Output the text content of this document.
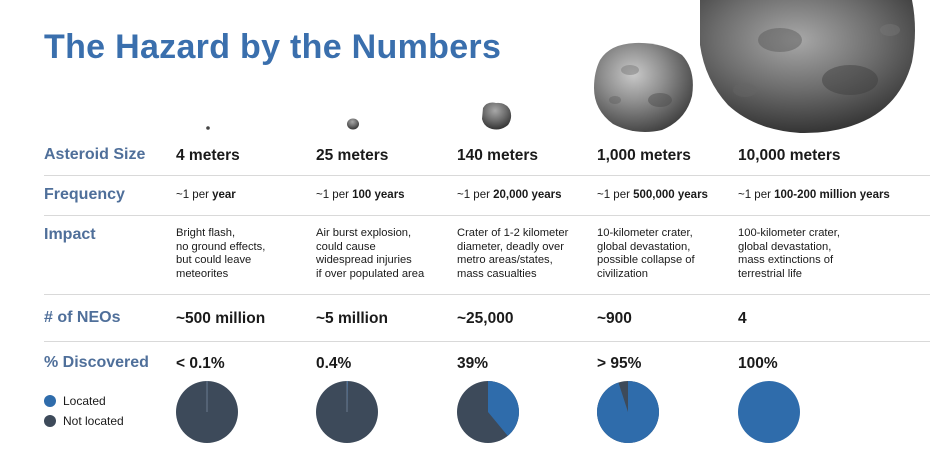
The Hazard by the Numbers
Asteroid Size
Frequency
Impact
# of NEOs
% Discovered
4 meters
~1 per year
Bright flash,
no ground effects,
but could leave
meteorites
~500 million
< 0.1%
25 meters
~1 per 100 years
Air burst explosion,
could cause
widespread injuries
if over populated area
~5 million
0.4%
140 meters
~1 per 20,000 years
Crater of 1-2 kilometer
diameter, deadly over
metro areas/states,
mass casualties
~25,000
39%
1,000 meters
~1 per 500,000 years
10-kilometer crater,
global devastation,
possible collapse of
civilization
~900
> 95%
10,000 meters
~1 per 100-200 million years
100-kilometer crater,
global devastation,
mass extinctions of
terrestrial life
4
100%
Located
Not located
